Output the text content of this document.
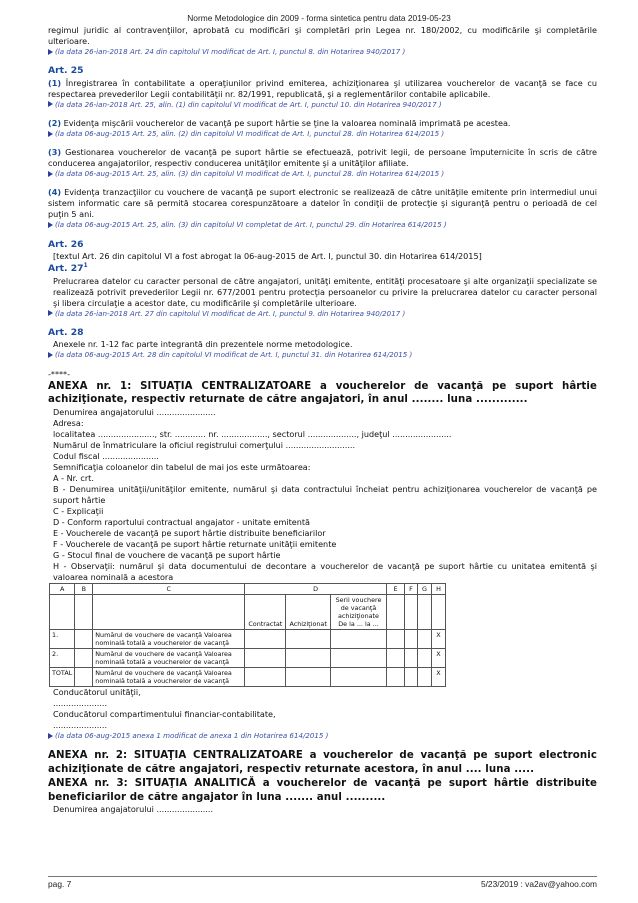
Norme Metodologice din 2009 - forma sintetica pentru data 2019-05-23

regimul juridic al contravenţiilor, aprobată cu modificări şi completări prin Legea nr. 180/2002, cu modificările şi completările ulterioare.

(la data 26-ian-2018 Art. 24 din capitolul VI modificat de Art. I, punctul 8. din Hotarirea 940/2017 )
Art. 25

(1) Înregistrarea în contabilitate a operaţiunilor privind emiterea, achiziţionarea şi utilizarea voucherelor de vacanţă se face cu respectarea prevederilor Legii contabilităţii nr. 82/1991, republicată, şi a reglementărilor contabile aplicabile.

(la data 26-ian-2018 Art. 25, alin. (1) din capitolul VI modificat de Art. I, punctul 10. din Hotarirea 940/2017 )

(2) Evidenţa mişcării voucherelor de vacanţă pe suport hârtie se ţine la valoarea nominală imprimată pe acestea.

(la data 06-aug-2015 Art. 25, alin. (2) din capitolul VI modificat de Art. I, punctul 28. din Hotarirea 614/2015 )

(3) Gestionarea voucherelor de vacanţă pe suport hârtie se efectuează, potrivit legii, de persoane împuternicite în scris de către conducerea angajatorilor, respectiv conducerea unităţilor emitente şi a unităţilor afiliate.

(la data 06-aug-2015 Art. 25, alin. (3) din capitolul VI modificat de Art. I, punctul 28. din Hotarirea 614/2015 )

(4) Evidenţa tranzacţiilor cu vouchere de vacanţă pe suport electronic se realizează de către unităţile emitente prin intermediul unui sistem informatic care să permită stocarea corespunzătoare a datelor în condiţii de protecţie şi siguranţă pentru o perioadă de cel puţin 5 ani.

(la data 06-aug-2015 Art. 25, alin. (3) din capitolul VI completat de Art. I, punctul 29. din Hotarirea 614/2015 )
Art. 26

[textul Art. 26 din capitolul VI a fost abrogat la 06-aug-2015 de Art. I, punctul 30. din Hotarirea 614/2015]

Art. $27^1$

Prelucrarea datelor cu caracter personal de către angajatori, unităţi emitente, entităţi procesatoare şi alte organizaţii specializate se realizează potrivit prevederilor Legii nr. 677/2001 pentru protecţia persoanelor cu privire la prelucrarea datelor cu caracter personal şi libera circulaţie a acestor date, cu modificările şi completările ulterioare.

(la data 26-ian-2018 Art. 27 din capitolul VI modificat de Art. I, punctul 9. din Hotarirea 940/2017 )
Art. 28

Anexele nr. 1-12 fac parte integrantă din prezentele norme metodologice.

(la data 06-aug-2015 Art. 28 din capitolul VI modificat de Art. I, punctul 31. din Hotarirea 614/2015 )
-****-
ANEXA nr. 1: SITUAŢIA CENTRALIZATOARE a voucherelor de vacanţă pe suport hârtie achiziţionate, respectiv returnate de către angajatori, în anul ........ luna .............
Denumirea angajatorului .......................
Adresa:
localitatea ......................, str. ............ nr. .................., sectorul ..................., judeţul .......................
Numărul de înmatriculare la oficiul registrului comerţului ...........................
Codul fiscal ......................
Semnificaţia coloanelor din tabelul de mai jos este următoarea:
A - Nr. crt.

B - Denumirea unităţii/unităţilor emitente, numărul şi data contractului încheiat pentru achiziţionarea voucherelor de vacanţă pe suport hârtie

C - Explicaţii
D - Conform raportului contractual angajator - unitate emitentă
E - Voucherele de vacanţă pe suport hârtie distribuite beneficiarilor
F - Voucherele de vacanţă pe suport hârtie returnate unităţii emitente
G - Stocul final de vouchere de vacanţă pe suport hârtie

H - Observaţii: numărul şi data documentului de decontare a voucherelor de vacanţă pe suport hârtie cu unitatea emitentă şi valoarea nominală a acestora

A	B	C	D			E	F	G	H
			Contractat	Achiziţionat	Serii vouchere de vacanţă achiziţionate De la ... la ...				
1.		Numărul de vouchere de vacanţă Valoarea nominală totală a voucherelor de vacanţă							X
2.		Numărul de vouchere de vacanţă Valoarea nominală totală a voucherelor de vacanţă							X
TOTAL		Numărul de vouchere de vacanţă Valoarea nominală totală a voucherelor de vacanţă							X
Conducătorul unităţii,
.....................
Conducătorul compartimentului financiar-contabilitate,
.....................
(la data 06-aug-2015 anexa 1 modificat de anexa 1 din Hotarirea 614/2015 )
ANEXA nr. 2: SITUAŢIA CENTRALIZATOARE a voucherelor de vacanţă pe suport electronic achiziţionate de către angajatori, respectiv returnate acestora, în anul .... luna .....
ANEXA nr. 3: SITUAŢIA ANALITICĂ a voucherelor de vacanţă pe suport hârtie distribuite beneficiarilor de către angajator în luna ....... anul ..........
Denumirea angajatorului ......................
pag. 7	5/23/2019 : va2av@yahoo.com
